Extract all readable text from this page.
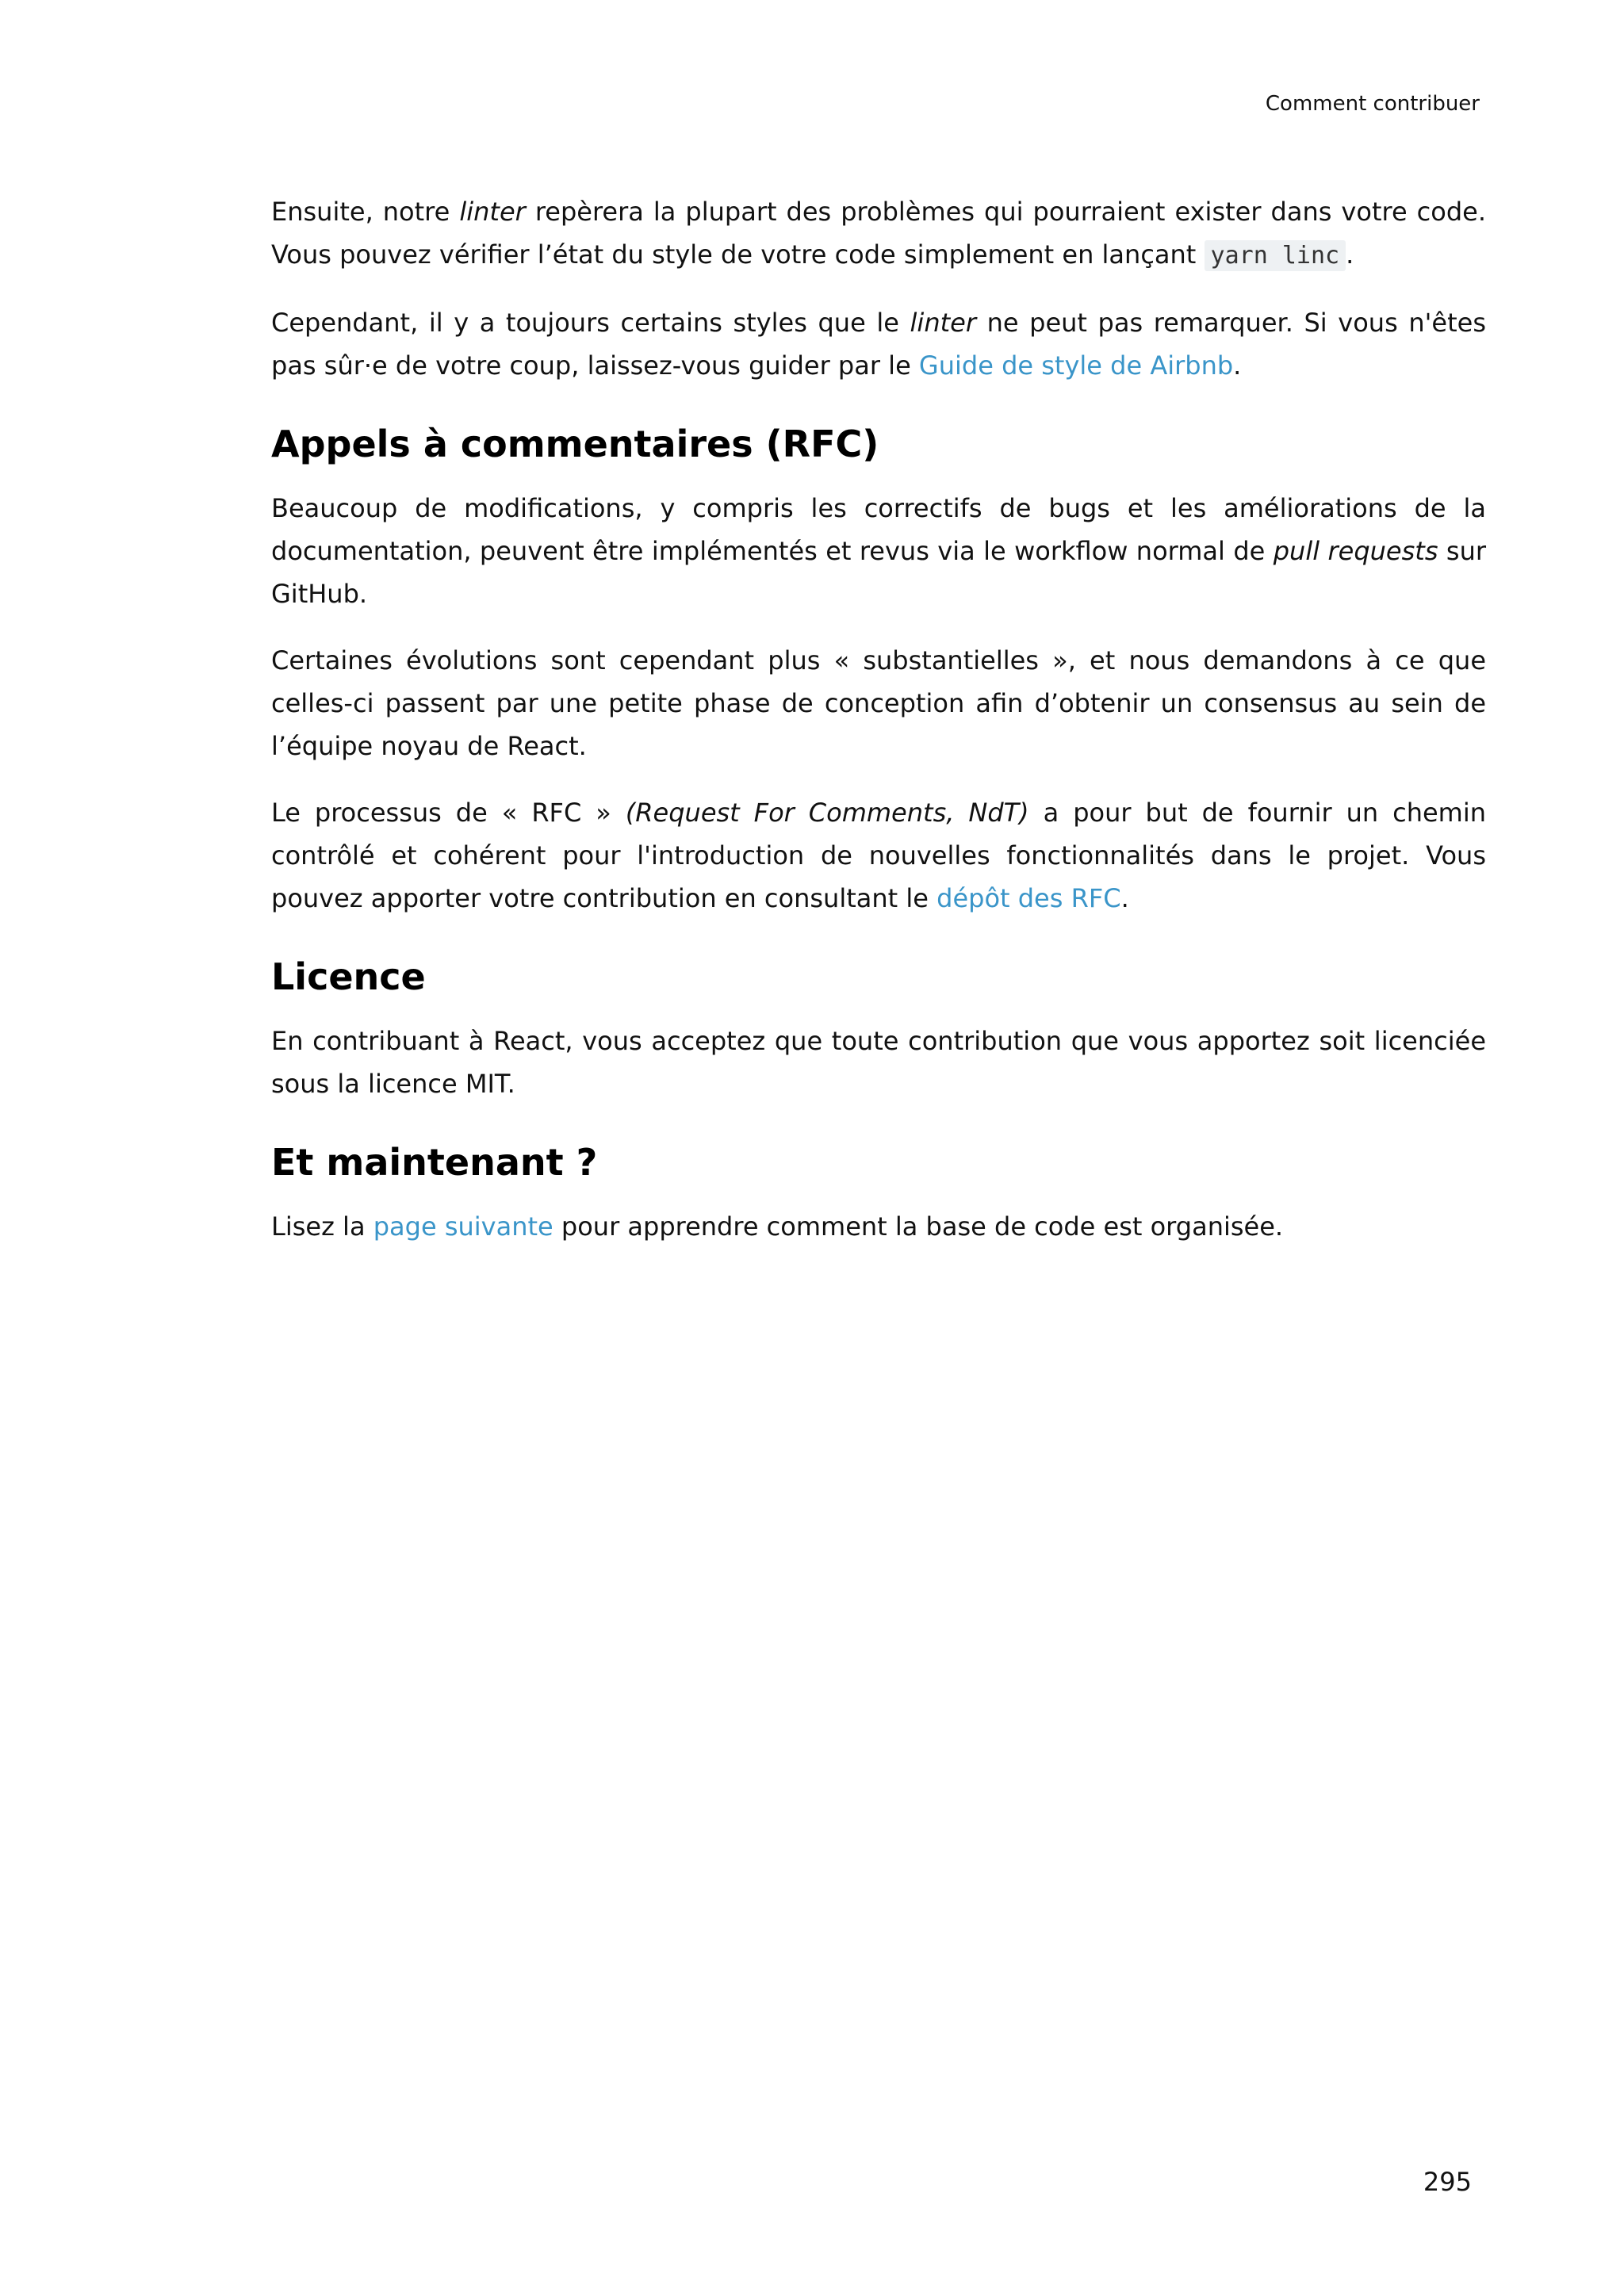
Comment contribuer

Ensuite, notre linter repèrera la plupart des problèmes qui pourraient exister dans votre code. Vous pouvez vérifier l’état du style de votre code simplement en lançant yarn linc .

Cependant, il y a toujours certains styles que le linter ne peut pas remarquer. Si vous n'êtes pas sûr·e de votre coup, laissez-vous guider par le Guide de style de Airbnb.

Appels à commentaires (RFC)

Beaucoup de modifications, y compris les correctifs de bugs et les améliorations de la documentation, peuvent être implémentés et revus via le workflow normal de pull requests sur GitHub.

Certaines évolutions sont cependant plus « substantielles », et nous demandons à ce que celles-ci passent par une petite phase de conception afin d’obtenir un consensus au sein de l’équipe noyau de React.

Le processus de « RFC » (Request For Comments, NdT) a pour but de fournir un chemin contrôlé et cohérent pour l'introduction de nouvelles fonctionnalités dans le projet. Vous pouvez apporter votre contribution en consultant le dépôt des RFC.

Licence

En contribuant à React, vous acceptez que toute contribution que vous apportez soit licenciée sous la licence MIT.

Et maintenant ?

Lisez la page suivante pour apprendre comment la base de code est organisée.

295
